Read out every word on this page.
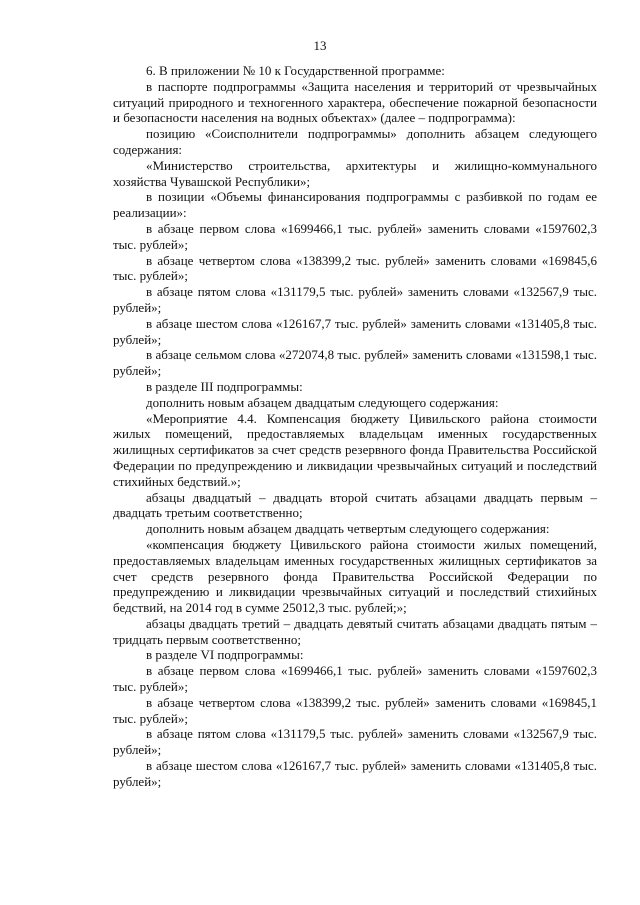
13

6. В приложении № 10 к Государственной программе:

в паспорте подпрограммы «Защита населения и территорий от чрезвычайных ситуаций природного и техногенного характера, обеспечение пожарной безопасности и безопасности населения на водных объектах» (далее – подпрограмма):

позицию «Соисполнители подпрограммы» дополнить абзацем следующего содержания:

«Министерство строительства, архитектуры и жилищно-коммунального хозяйства Чувашской Республики»;

в позиции «Объемы финансирования подпрограммы с разбивкой по годам ее реализации»:

в абзаце первом слова «1699466,1 тыс. рублей» заменить словами «1597602,3 тыс. рублей»;

в абзаце четвертом слова «138399,2 тыс. рублей» заменить словами «169845,6 тыс. рублей»;

в абзаце пятом слова «131179,5 тыс. рублей» заменить словами «132567,9 тыс. рублей»;

в абзаце шестом слова «126167,7 тыс. рублей» заменить словами «131405,8 тыс. рублей»;

в абзаце сельмом слова «272074,8 тыс. рублей» заменить словами «131598,1 тыс. рублей»;

в разделе III подпрограммы:

дополнить новым абзацем двадцатым следующего содержания:

«Мероприятие 4.4. Компенсация бюджету Цивильского района стоимости жилых помещений, предоставляемых владельцам именных государственных жилищных сертификатов за счет средств резервного фонда Правительства Российской Федерации по предупреждению и ликвидации чрезвычайных ситуаций и последствий стихийных бедствий.»;

абзацы двадцатый – двадцать второй считать абзацами двадцать первым – двадцать третьим соответственно;

дополнить новым абзацем двадцать четвертым следующего содержания:

«компенсация бюджету Цивильского района стоимости жилых помещений, предоставляемых владельцам именных государственных жилищных сертификатов за счет средств резервного фонда Правительства Российской Федерации по предупреждению и ликвидации чрезвычайных ситуаций и последствий стихийных бедствий, на 2014 год в сумме 25012,3 тыс. рублей;»;

абзацы двадцать третий – двадцать девятый считать абзацами двадцать пятым – тридцать первым соответственно;

в разделе VI подпрограммы:

в абзаце первом слова «1699466,1 тыс. рублей» заменить словами «1597602,3 тыс. рублей»;

в абзаце четвертом слова «138399,2 тыс. рублей» заменить словами «169845,1 тыс. рублей»;

в абзаце пятом слова «131179,5 тыс. рублей» заменить словами «132567,9 тыс. рублей»;

в абзаце шестом слова «126167,7 тыс. рублей» заменить словами «131405,8 тыс. рублей»;
